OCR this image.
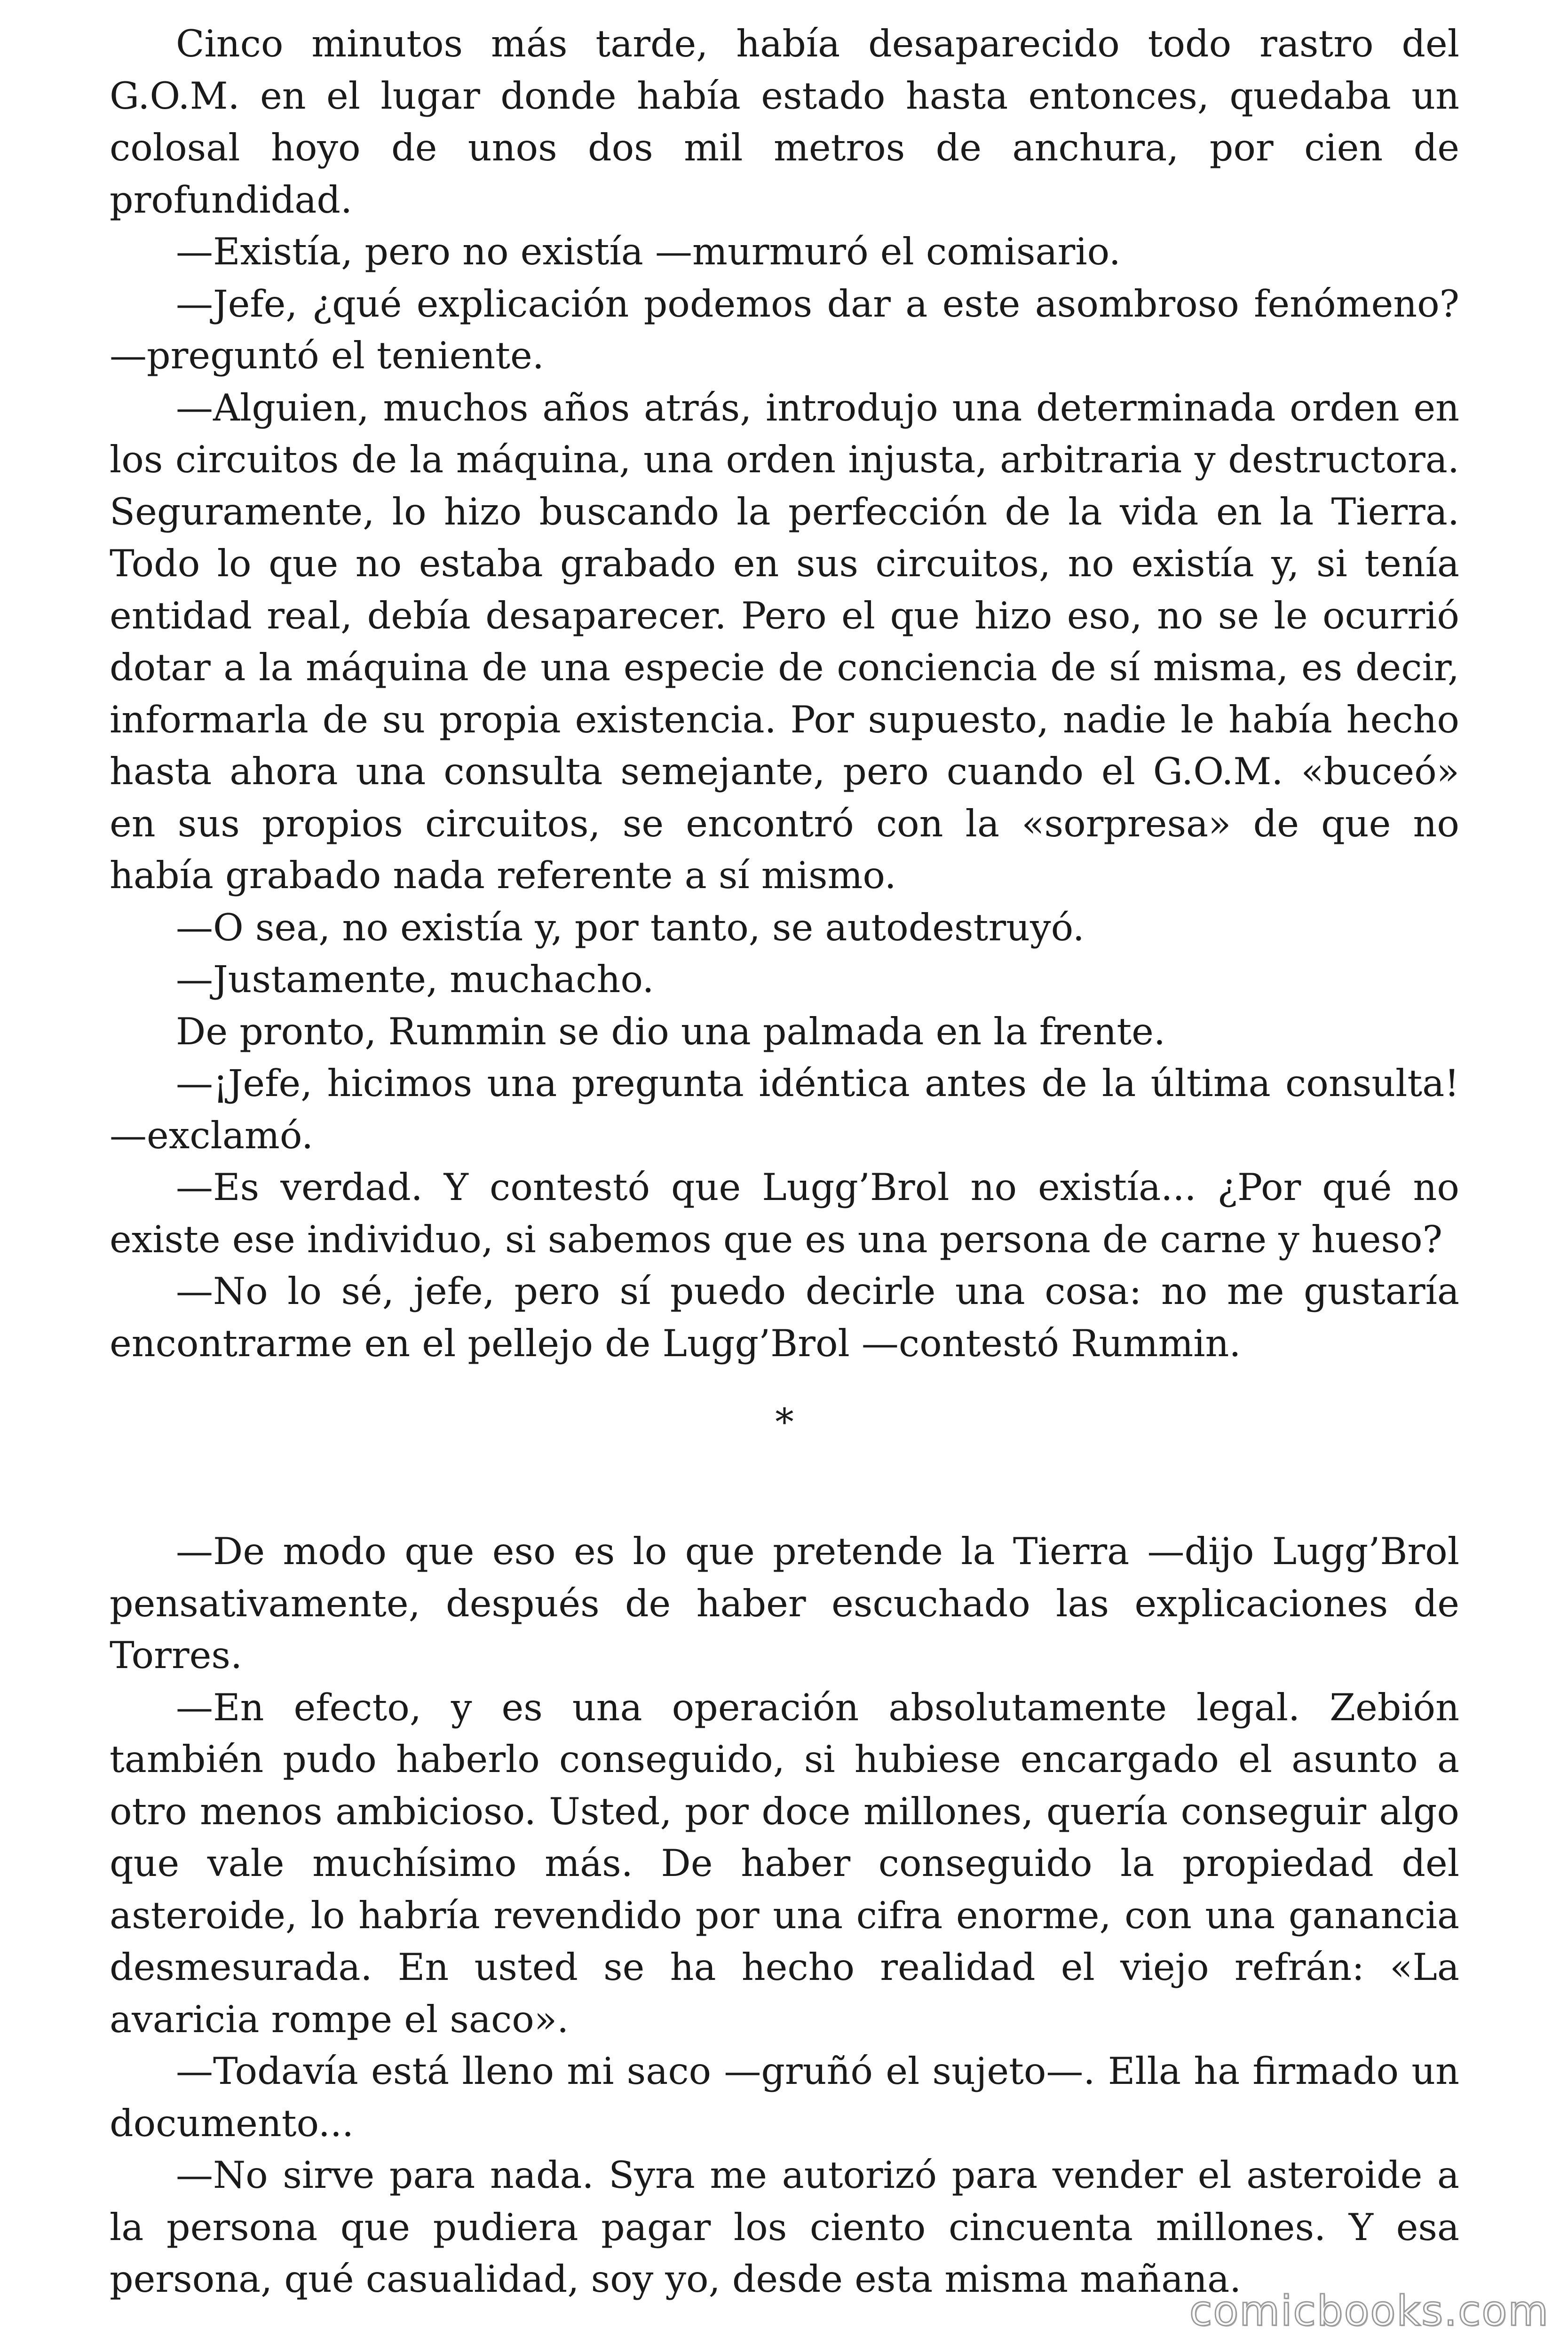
Cinco minutos más tarde, había desaparecido todo rastro del G.O.M. en el lugar donde había estado hasta entonces, quedaba un colosal hoyo de unos dos mil metros de anchura, por cien de profundidad.

—Existía, pero no existía —murmuró el comisario.

—Jefe, ¿qué explicación podemos dar a este asombroso fenómeno? —preguntó el teniente.

—Alguien, muchos años atrás, introdujo una determinada orden en los circuitos de la máquina, una orden injusta, arbitraria y destructora. Seguramente, lo hizo buscando la perfección de la vida en la Tierra. Todo lo que no estaba grabado en sus circuitos, no existía y, si tenía entidad real, debía desaparecer. Pero el que hizo eso, no se le ocurrió dotar a la máquina de una especie de conciencia de sí misma, es decir, informarla de su propia existencia. Por supuesto, nadie le había hecho hasta ahora una consulta semejante, pero cuando el G.O.M. «buceó» en sus propios circuitos, se encontró con la «sorpresa» de que no había grabado nada referente a sí mismo.

—O sea, no existía y, por tanto, se autodestruyó.

—Justamente, muchacho.

De pronto, Rummin se dio una palmada en la frente.

—¡Jefe, hicimos una pregunta idéntica antes de la última consulta! —exclamó.

—Es verdad. Y contestó que Lugg’Brol no existía... ¿Por qué no existe ese individuo, si sabemos que es una persona de carne y hueso?

—No lo sé, jefe, pero sí puedo decirle una cosa: no me gustaría encontrarme en el pellejo de Lugg’Brol —contestó Rummin.

*

—De modo que eso es lo que pretende la Tierra —dijo Lugg’Brol pensativamente, después de haber escuchado las explicaciones de Torres.

—En efecto, y es una operación absolutamente legal. Zebión también pudo haberlo conseguido, si hubiese encargado el asunto a otro menos ambicioso. Usted, por doce millones, quería conseguir algo que vale muchísimo más. De haber conseguido la propiedad del asteroide, lo habría revendido por una cifra enorme, con una ganancia desmesurada. En usted se ha hecho realidad el viejo refrán: «La avaricia rompe el saco».

—Todavía está lleno mi saco —gruñó el sujeto—. Ella ha firmado un documento...

—No sirve para nada. Syra me autorizó para vender el asteroide a la persona que pudiera pagar los ciento cincuenta millones. Y esa persona, qué casualidad, soy yo, desde esta misma mañana.

comicbooks.com
